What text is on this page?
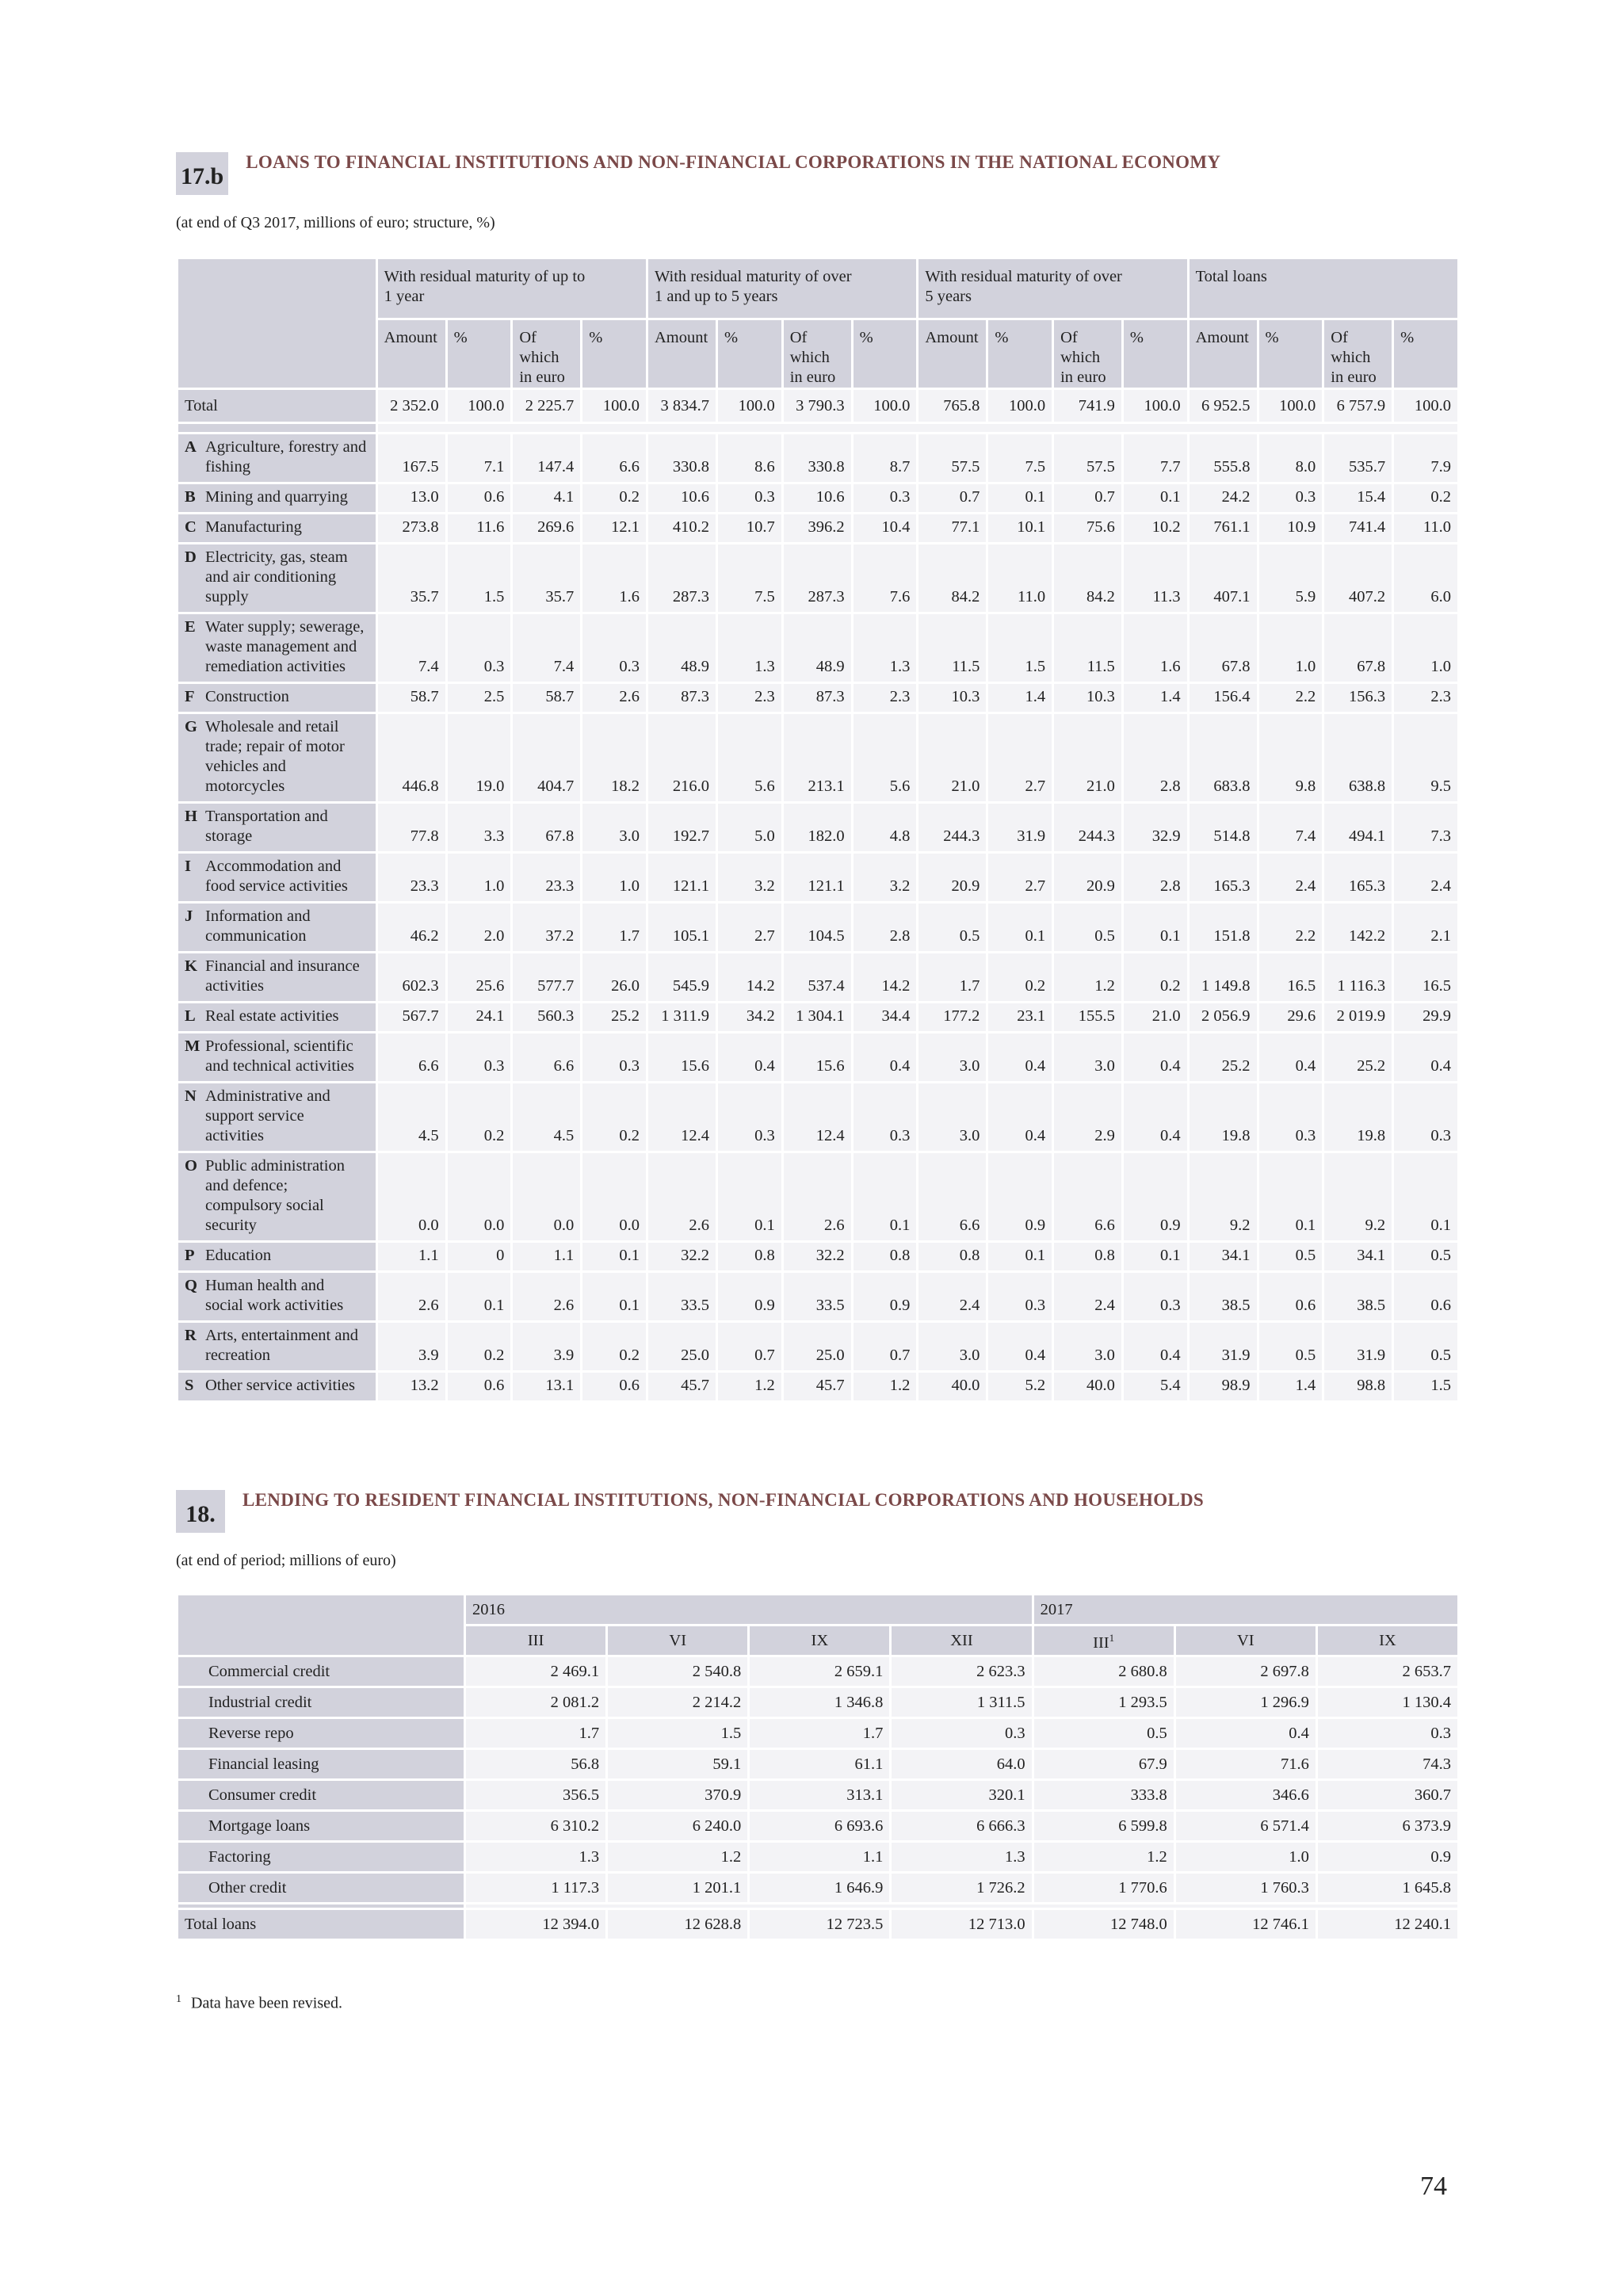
17.b
LOANS TO FINANCIAL INSTITUTIONS AND NON-FINANCIAL CORPORATIONS IN THE NATIONAL ECONOMY
(at end of Q3 2017, millions of euro; structure, %)
	With residual maturity of up to 1 year				With residual maturity of over 1 and up to 5 years				With residual maturity of over 5 years				Total loans			
	Amount	%	Of which in euro	%	Amount	%	Of which in euro	%	Amount	%	Of which in euro	%	Amount	%	Of which in euro	%
Total	2 352.0	100.0	2 225.7	100.0	3 834.7	100.0	3 790.3	100.0	765.8	100.0	741.9	100.0	6 952.5	100.0	6 757.9	100.0

A Agriculture, forestry and
fishing	167.5	7.1	147.4	6.6	330.8	8.6	330.8	8.7	57.5	7.5	57.5	7.7	555.8	8.0	535.7	7.9
B Mining and quarrying	13.0	0.6	4.1	0.2	10.6	0.3	10.6	0.3	0.7	0.1	0.7	0.1	24.2	0.3	15.4	0.2
C Manufacturing	273.8	11.6	269.6	12.1	410.2	10.7	396.2	10.4	77.1	10.1	75.6	10.2	761.1	10.9	741.4	11.0
D Electricity, gas, steam
and air conditioning
supply	35.7	1.5	35.7	1.6	287.3	7.5	287.3	7.6	84.2	11.0	84.2	11.3	407.1	5.9	407.2	6.0
E Water supply; sewerage,
waste management and
remediation activities	7.4	0.3	7.4	0.3	48.9	1.3	48.9	1.3	11.5	1.5	11.5	1.6	67.8	1.0	67.8	1.0
F Construction	58.7	2.5	58.7	2.6	87.3	2.3	87.3	2.3	10.3	1.4	10.3	1.4	156.4	2.2	156.3	2.3
G Wholesale and retail
trade; repair of motor
vehicles and
motorcycles	446.8	19.0	404.7	18.2	216.0	5.6	213.1	5.6	21.0	2.7	21.0	2.8	683.8	9.8	638.8	9.5
H Transportation and
storage	77.8	3.3	67.8	3.0	192.7	5.0	182.0	4.8	244.3	31.9	244.3	32.9	514.8	7.4	494.1	7.3
I Accommodation and
food service activities	23.3	1.0	23.3	1.0	121.1	3.2	121.1	3.2	20.9	2.7	20.9	2.8	165.3	2.4	165.3	2.4
J Information and
communication	46.2	2.0	37.2	1.7	105.1	2.7	104.5	2.8	0.5	0.1	0.5	0.1	151.8	2.2	142.2	2.1
K Financial and insurance
activities	602.3	25.6	577.7	26.0	545.9	14.2	537.4	14.2	1.7	0.2	1.2	0.2	1 149.8	16.5	1 116.3	16.5
L Real estate activities	567.7	24.1	560.3	25.2	1 311.9	34.2	1 304.1	34.4	177.2	23.1	155.5	21.0	2 056.9	29.6	2 019.9	29.9
M Professional, scientific
and technical activities	6.6	0.3	6.6	0.3	15.6	0.4	15.6	0.4	3.0	0.4	3.0	0.4	25.2	0.4	25.2	0.4
N Administrative and
support service
activities	4.5	0.2	4.5	0.2	12.4	0.3	12.4	0.3	3.0	0.4	2.9	0.4	19.8	0.3	19.8	0.3
O Public administration
and defence;
compulsory social
security	0.0	0.0	0.0	0.0	2.6	0.1	2.6	0.1	6.6	0.9	6.6	0.9	9.2	0.1	9.2	0.1
P Education	1.1	0	1.1	0.1	32.2	0.8	32.2	0.8	0.8	0.1	0.8	0.1	34.1	0.5	34.1	0.5
Q Human health and
social work activities	2.6	0.1	2.6	0.1	33.5	0.9	33.5	0.9	2.4	0.3	2.4	0.3	38.5	0.6	38.5	0.6
R Arts, entertainment and
recreation	3.9	0.2	3.9	0.2	25.0	0.7	25.0	0.7	3.0	0.4	3.0	0.4	31.9	0.5	31.9	0.5
S Other service activities	13.2	0.6	13.1	0.6	45.7	1.2	45.7	1.2	40.0	5.2	40.0	5.4	98.9	1.4	98.8	1.5
18.
LENDING TO RESIDENT FINANCIAL INSTITUTIONS, NON-FINANCIAL CORPORATIONS AND HOUSEHOLDS
(at end of period; millions of euro)
	2016				2017		
	III	VI	IX	XII	III$^1$	VI	IX
Commercial credit	2 469.1	2 540.8	2 659.1	2 623.3	2 680.8	2 697.8	2 653.7
Industrial credit	2 081.2	2 214.2	1 346.8	1 311.5	1 293.5	1 296.9	1 130.4
Reverse repo	1.7	1.5	1.7	0.3	0.5	0.4	0.3
Financial leasing	56.8	59.1	61.1	64.0	67.9	71.6	74.3
Consumer credit	356.5	370.9	313.1	320.1	333.8	346.6	360.7
Mortgage loans	6 310.2	6 240.0	6 693.6	6 666.3	6 599.8	6 571.4	6 373.9
Factoring	1.3	1.2	1.1	1.3	1.2	1.0	0.9
Other credit	1 117.3	1 201.1	1 646.9	1 726.2	1 770.6	1 760.3	1 645.8

Total loans	12 394.0	12 628.8	12 723.5	12 713.0	12 748.0	12 746.1	12 240.1
$^1$ Data have been revised.
74
